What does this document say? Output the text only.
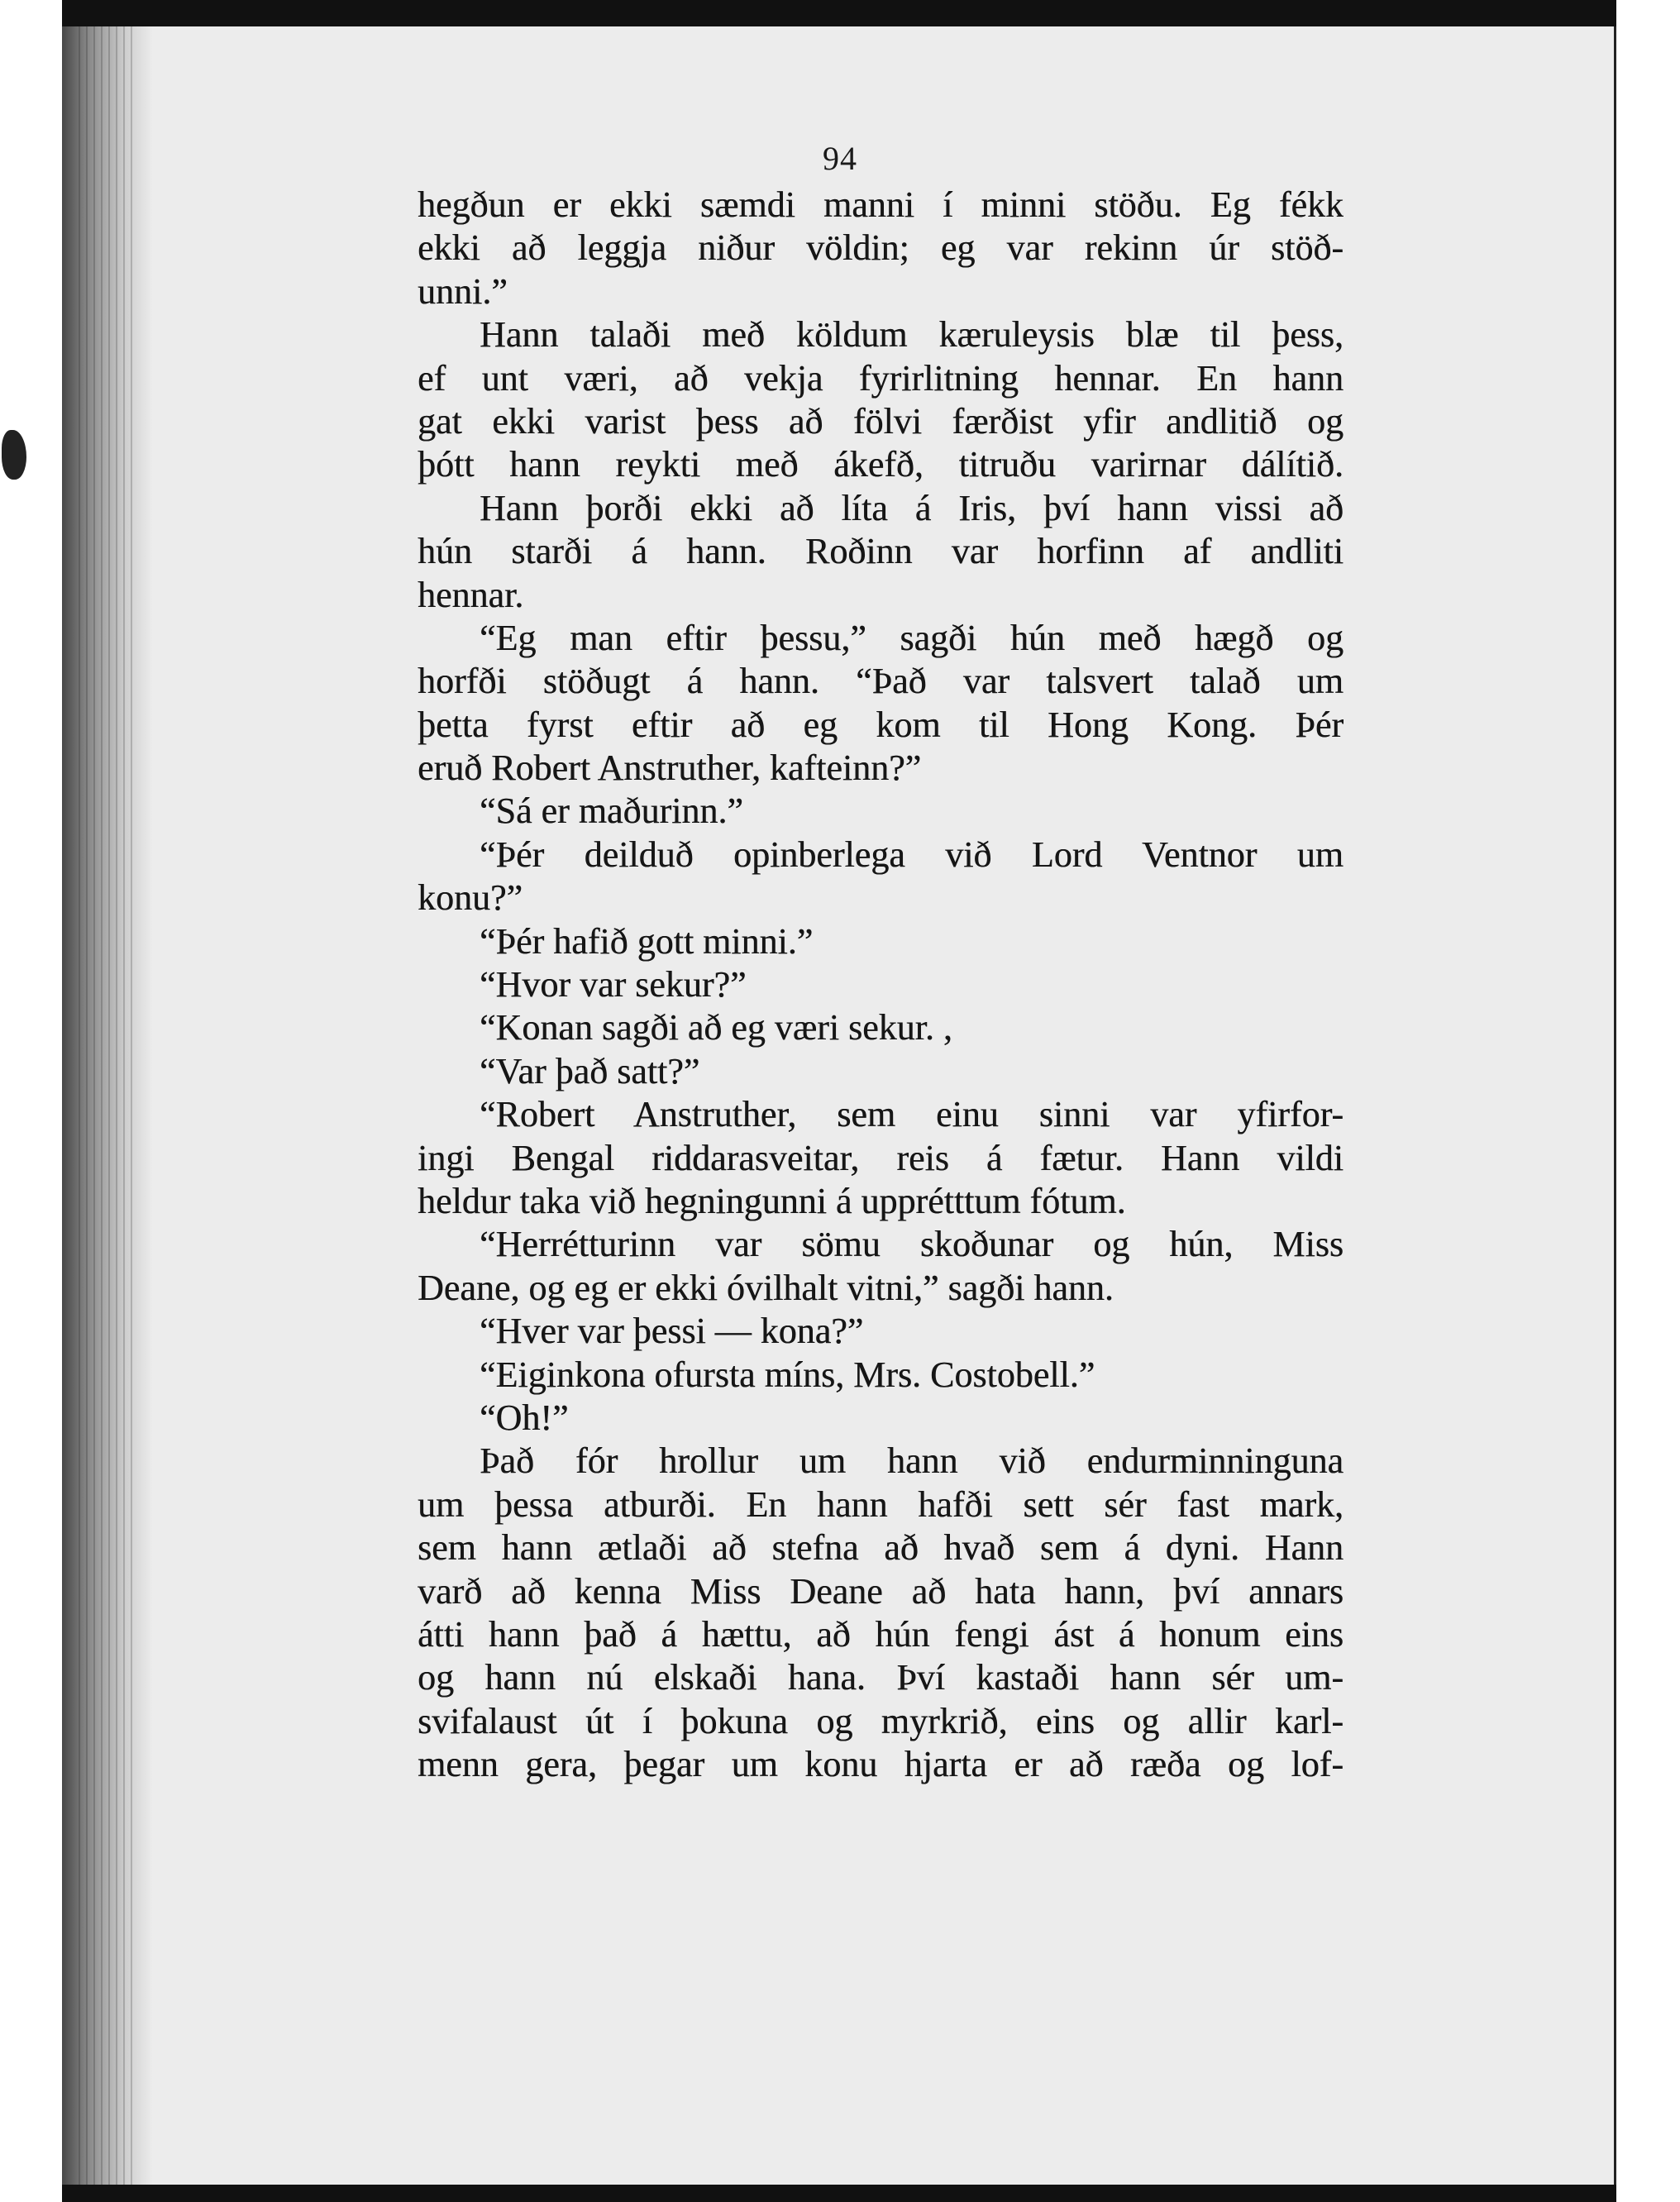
94
hegðun er ekki sæmdi manni í minni stöðu. Eg fékk
ekki að leggja niður völdin; eg var rekinn úr stöð-
unni.”
Hann talaði með köldum kæruleysis blæ til þess,
ef unt væri, að vekja fyrirlitning hennar. En hann
gat ekki varist þess að fölvi færðist yfir andlitið og
þótt hann reykti með ákefð, titruðu varirnar dálítið.
Hann þorði ekki að líta á Iris, því hann vissi að
hún starði á hann. Roðinn var horfinn af andliti
hennar.
“Eg man eftir þessu,” sagði hún með hægð og
horfði stöðugt á hann. “Það var talsvert talað um
þetta fyrst eftir að eg kom til Hong Kong. Þér
eruð Robert Anstruther, kafteinn?”
“Sá er maðurinn.”
“Þér deilduð opinberlega við Lord Ventnor um
konu?”
“Þér hafið gott minni.”
“Hvor var sekur?”
“Konan sagði að eg væri sekur. ,
“Var það satt?”
“Robert Anstruther, sem einu sinni var yfirfor-
ingi Bengal riddarasveitar, reis á fætur. Hann vildi
heldur taka við hegningunni á upprétttum fótum.
“Herrétturinn var sömu skoðunar og hún, Miss
Deane, og eg er ekki óvilhalt vitni,” sagði hann.
“Hver var þessi — kona?”
“Eiginkona ofursta míns, Mrs. Costobell.”
“Oh!”
Það fór hrollur um hann við endurminninguna
um þessa atburði. En hann hafði sett sér fast mark,
sem hann ætlaði að stefna að hvað sem á dyni. Hann
varð að kenna Miss Deane að hata hann, því annars
átti hann það á hættu, að hún fengi ást á honum eins
og hann nú elskaði hana. Því kastaði hann sér um-
svifalaust út í þokuna og myrkrið, eins og allir karl-
menn gera, þegar um konu hjarta er að ræða og lof-
